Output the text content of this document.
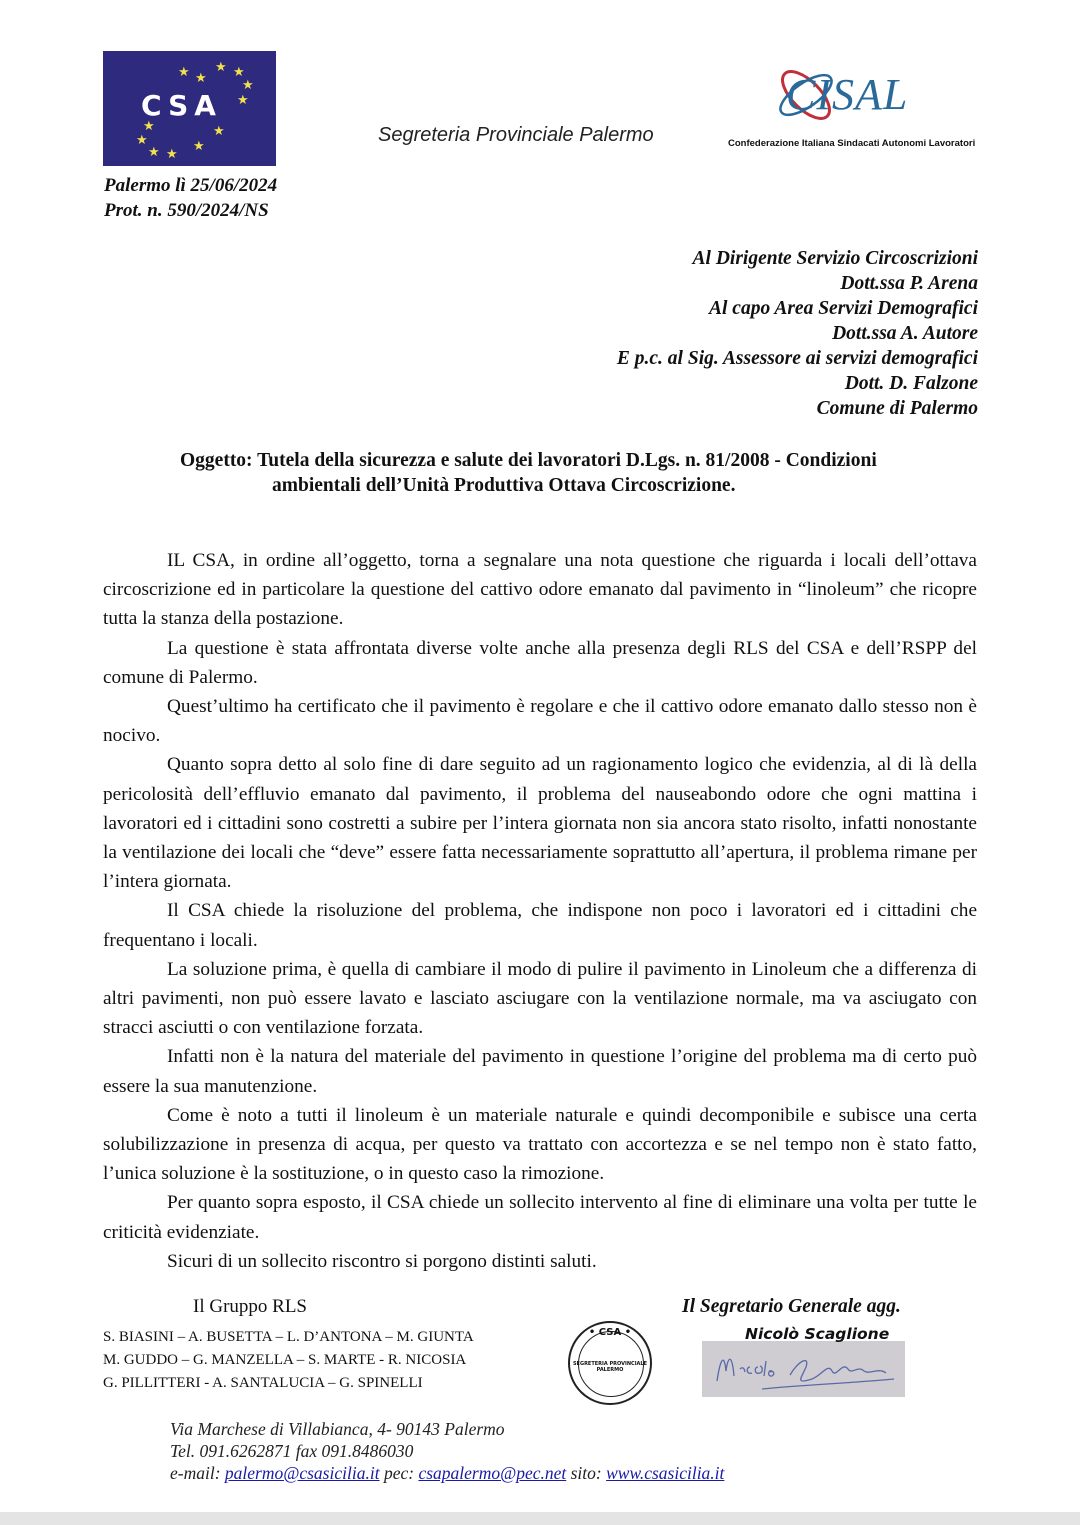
CSA
★ ★
★ ★
★
★
★
★
★
★
★ ★
Segreteria Provinciale Palermo
CISAL
Confederazione Italiana Sindacati Autonomi Lavoratori
Palermo lì 25/06/2024
Prot. n. 590/2024/NS
Al Dirigente Servizio Circoscrizioni
Dott.ssa P. Arena
Al capo Area Servizi Demografici
Dott.ssa A. Autore
E p.c. al Sig. Assessore ai servizi demografici
Dott. D. Falzone
Comune di Palermo
Oggetto: Tutela della sicurezza e salute dei lavoratori D.Lgs. n. 81/2008 - Condizioni
ambientali dell’Unità Produttiva Ottava Circoscrizione.

IL CSA, in ordine all’oggetto, torna a segnalare una nota questione che riguarda i locali dell’ottava circoscrizione ed in particolare la questione del cattivo odore emanato dal pavimento in “linoleum” che ricopre tutta la stanza della postazione.

La questione è stata affrontata diverse volte anche alla presenza degli RLS del CSA e dell’RSPP del comune di Palermo.

Quest’ultimo ha certificato che il pavimento è regolare e che il cattivo odore emanato dallo stesso non è nocivo.

Quanto sopra detto al solo fine di dare seguito ad un ragionamento logico che evidenzia, al di là della pericolosità dell’effluvio emanato dal pavimento, il problema del nauseabondo odore che ogni mattina i lavoratori ed i cittadini sono costretti a subire per l’intera giornata non sia ancora stato risolto, infatti nonostante la ventilazione dei locali che “deve” essere fatta necessariamente soprattutto all’apertura, il problema rimane per l’intera giornata.

Il CSA chiede la risoluzione del problema, che indispone non poco i lavoratori ed i cittadini che frequentano i locali.

La soluzione prima, è quella di cambiare il modo di pulire il pavimento in Linoleum che a differenza di altri pavimenti, non può essere lavato e lasciato asciugare con la ventilazione normale, ma va asciugato con stracci asciutti o con ventilazione forzata.

Infatti non è la natura del materiale del pavimento in questione l’origine del problema ma di certo può essere la sua manutenzione.

Come è noto a tutti il linoleum è un materiale naturale e quindi decomponibile e subisce una certa solubilizzazione in presenza di acqua, per questo va trattato con accortezza e se nel tempo non è stato fatto, l’unica soluzione è la sostituzione, o in questo caso la rimozione.

Per quanto sopra esposto, il CSA chiede un sollecito intervento al fine di eliminare una volta per tutte le criticità evidenziate.

Sicuri di un sollecito riscontro si porgono distinti saluti.

Il Gruppo RLS
S. BIASINI – A. BUSETTA – L. D’ANTONA – M. GIUNTA
M. GUDDO – G. MANZELLA – S. MARTE - R. NICOSIA
G. PILLITTERI - A. SANTALUCIA – G. SPINELLI
• CSA •
SEGRETERIA PROVINCIALE PALERMO
Il Segretario Generale agg.
Nicolò Scaglione
Via Marchese di Villabianca, 4- 90143 Palermo
Tel. 091.6262871 fax 091.8486030
e-mail: palermo@csasicilia.it pec: csapalermo@pec.net sito: www.csasicilia.it
